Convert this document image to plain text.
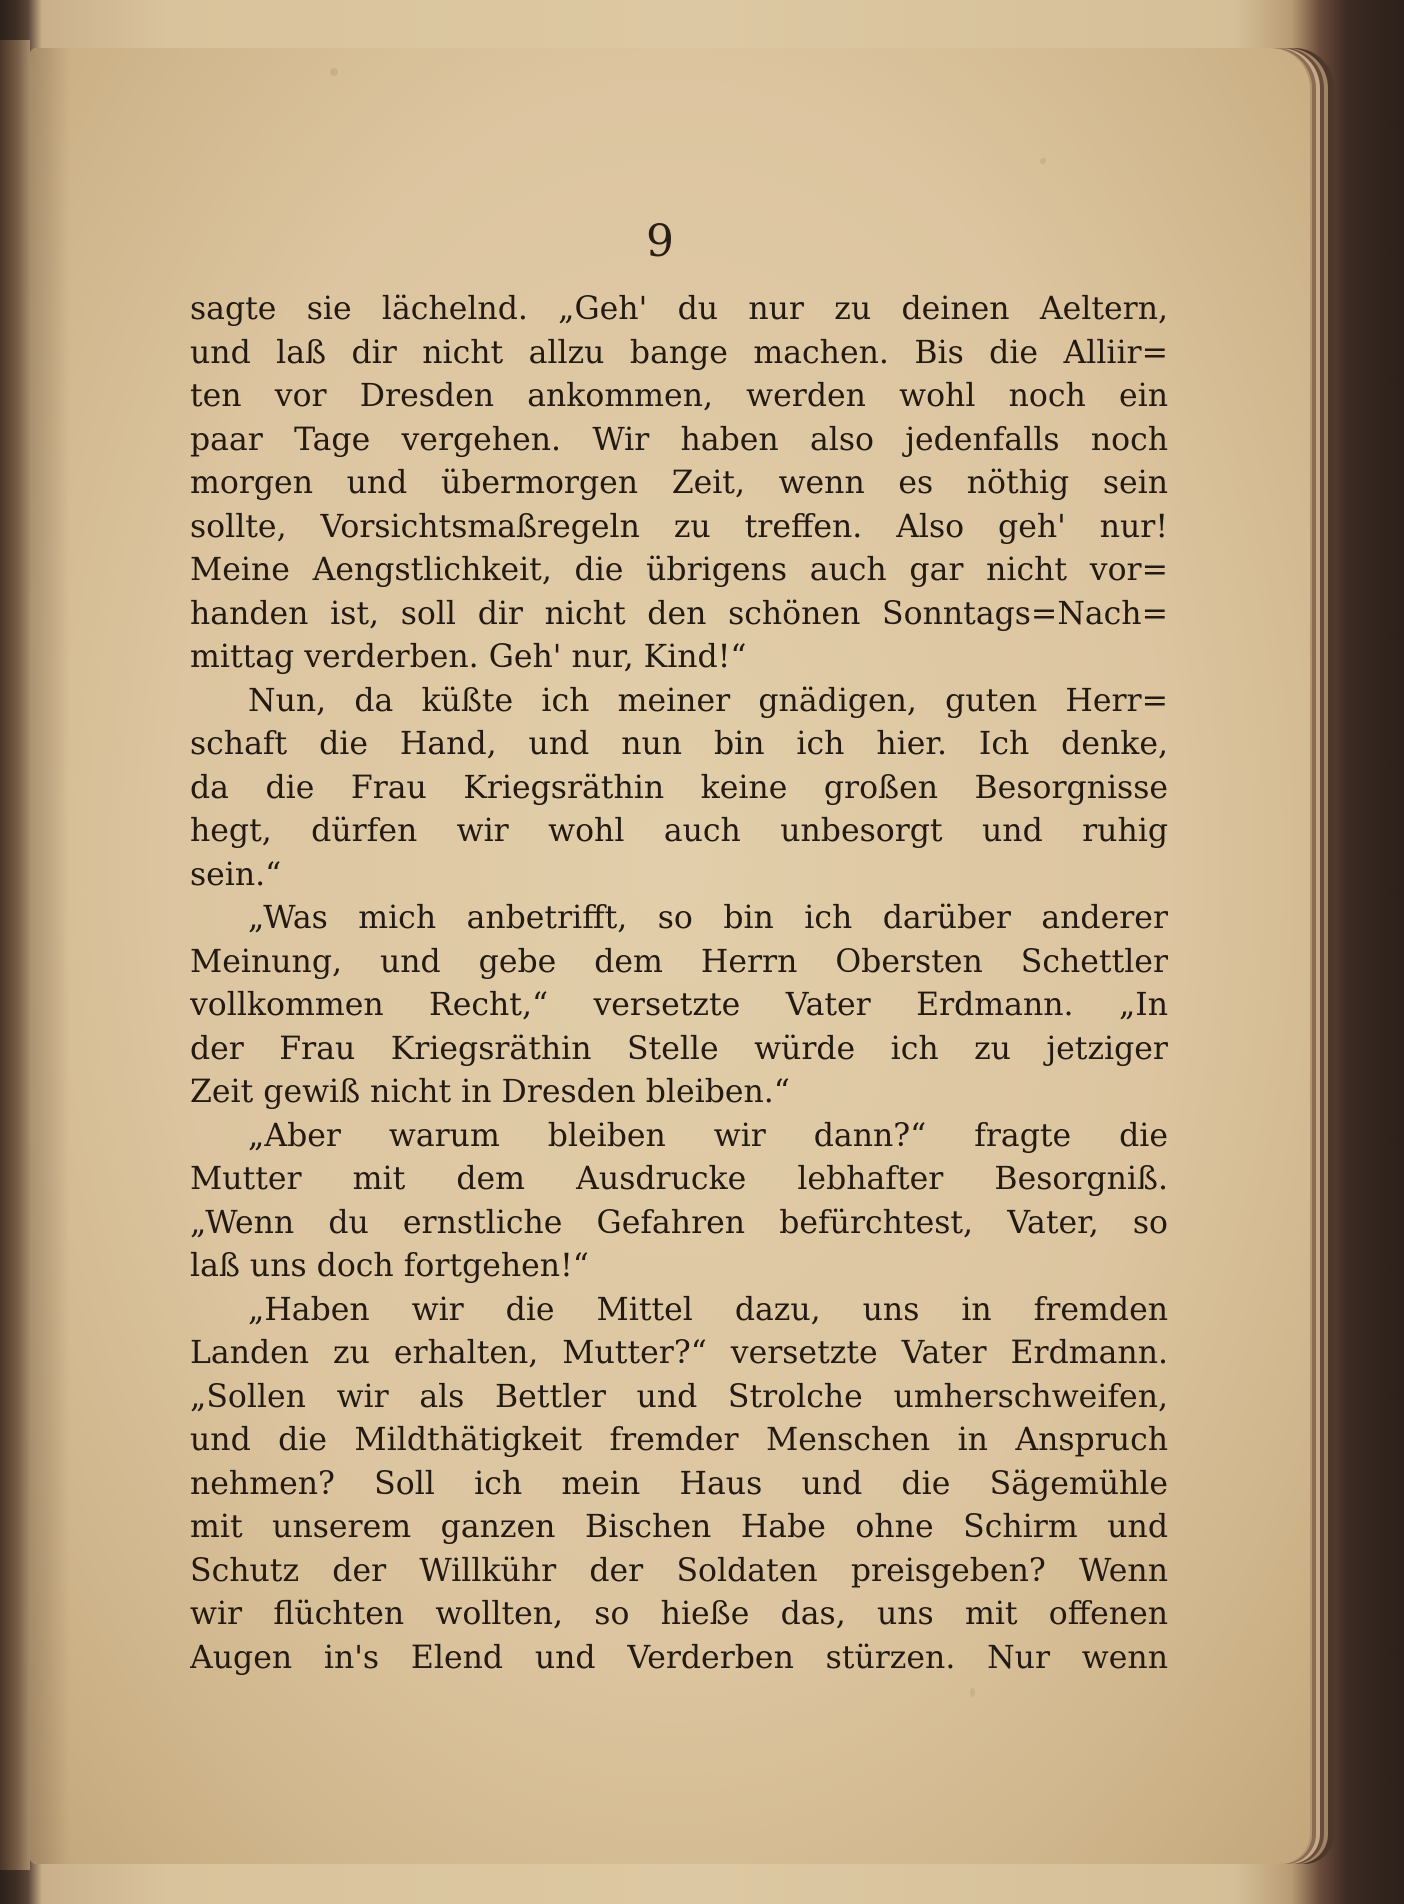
9
sagte sie lächelnd. „Geh' du nur zu deinen Aeltern,
und laß dir nicht allzu bange machen. Bis die Alliir=
ten vor Dresden ankommen, werden wohl noch ein
paar Tage vergehen. Wir haben also jedenfalls noch
morgen und übermorgen Zeit, wenn es nöthig sein
sollte, Vorsichtsmaßregeln zu treffen. Also geh' nur!
Meine Aengstlichkeit, die übrigens auch gar nicht vor=
handen ist, soll dir nicht den schönen Sonntags=Nach=
mittag verderben. Geh' nur, Kind!“
Nun, da küßte ich meiner gnädigen, guten Herr=
schaft die Hand, und nun bin ich hier. Ich denke,
da die Frau Kriegsräthin keine großen Besorgnisse
hegt, dürfen wir wohl auch unbesorgt und ruhig
sein.“
„Was mich anbetrifft, so bin ich darüber anderer
Meinung, und gebe dem Herrn Obersten Schettler
vollkommen Recht,“ versetzte Vater Erdmann. „In
der Frau Kriegsräthin Stelle würde ich zu jetziger
Zeit gewiß nicht in Dresden bleiben.“
„Aber warum bleiben wir dann?“ fragte die
Mutter mit dem Ausdrucke lebhafter Besorgniß.
„Wenn du ernstliche Gefahren befürchtest, Vater, so
laß uns doch fortgehen!“
„Haben wir die Mittel dazu, uns in fremden
Landen zu erhalten, Mutter?“ versetzte Vater Erdmann.
„Sollen wir als Bettler und Strolche umherschweifen,
und die Mildthätigkeit fremder Menschen in Anspruch
nehmen? Soll ich mein Haus und die Sägemühle
mit unserem ganzen Bischen Habe ohne Schirm und
Schutz der Willkühr der Soldaten preisgeben? Wenn
wir flüchten wollten, so hieße das, uns mit offenen
Augen in's Elend und Verderben stürzen. Nur wenn
